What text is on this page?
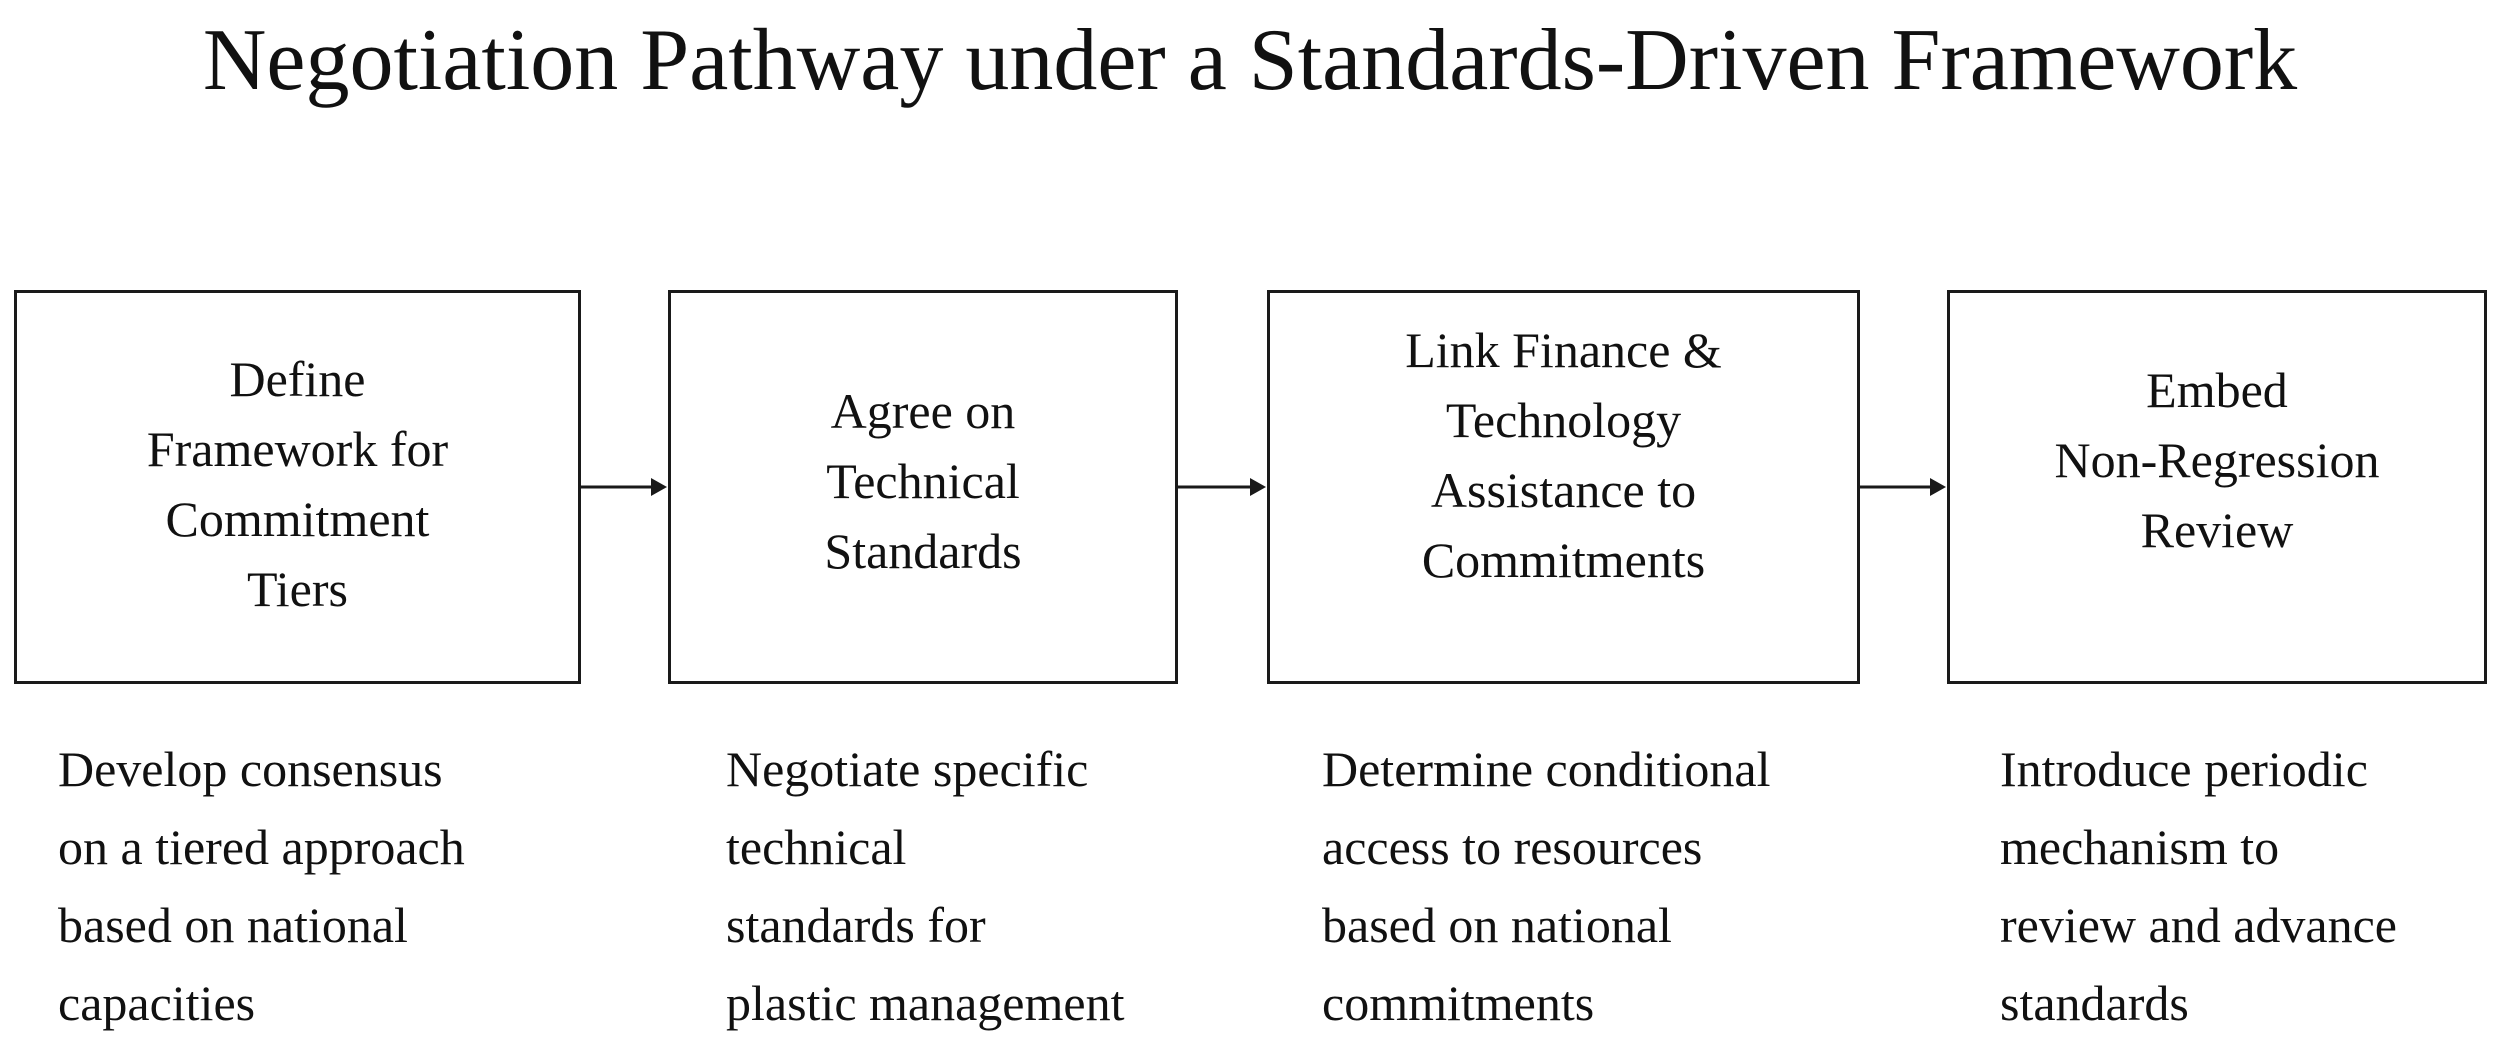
Negotiation Pathway under a Standards-Driven Framework
Define
Framework for
Commitment
Tiers
Agree on
Technical
Standards
Link Finance &
Technology
Assistance to
Commitments
Embed
Non-Regression
Review
Develop consensus
on a tiered approach
based on national
capacities
Negotiate specific
technical
standards for
plastic management
Determine conditional
access to resources
based on national
commitments
Introduce periodic
mechanism to
review and advance
standards
